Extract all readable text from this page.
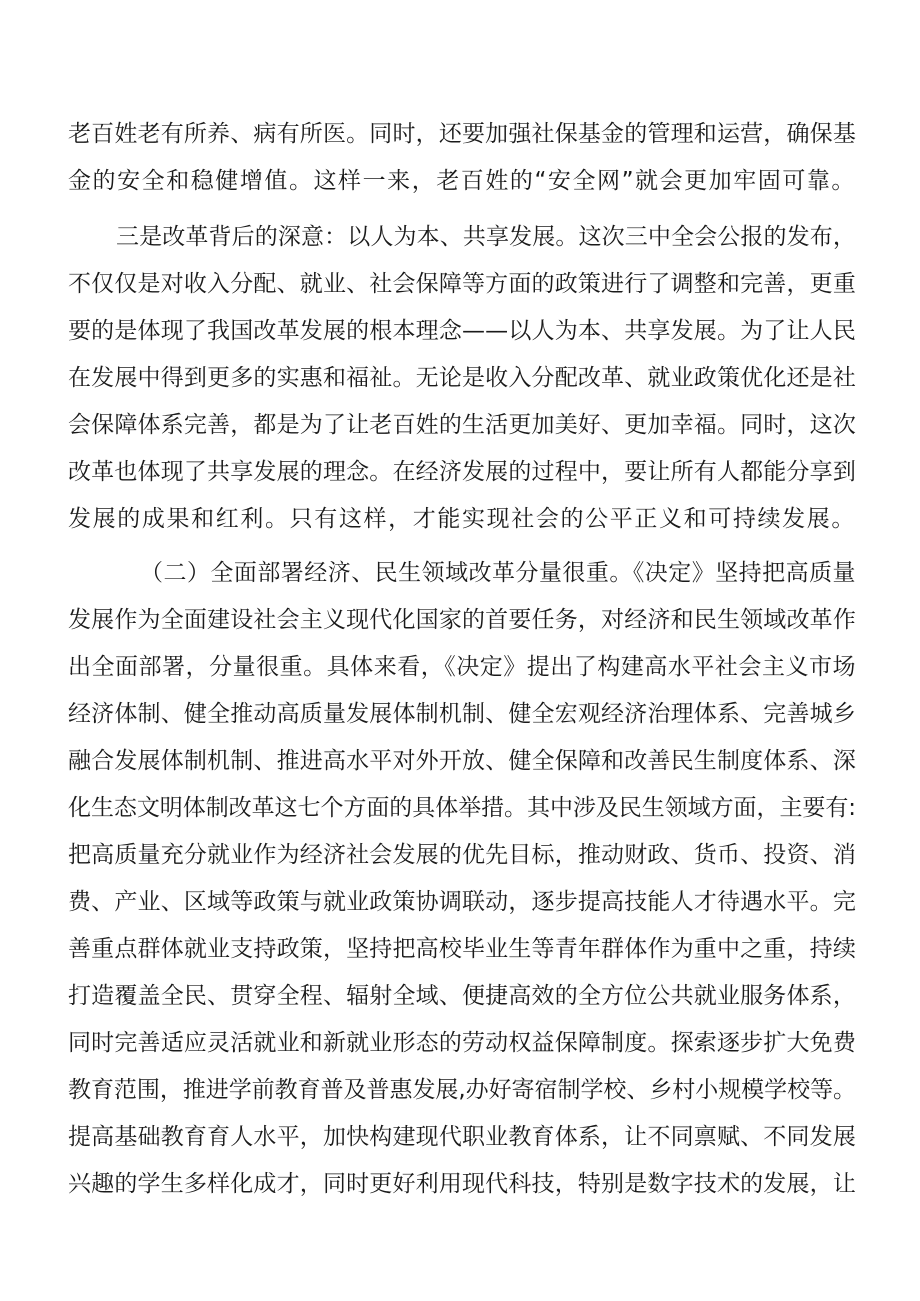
老百姓老有所养、病有所医。同时，还要加强社保基金的管理和运营，确保基
金的安全和稳健增值。这样一来，老百姓的“安全网”就会更加牢固可靠。
三是改革背后的深意：以人为本、共享发展。这次三中全会公报的发布，
不仅仅是对收入分配、就业、社会保障等方面的政策进行了调整和完善，更重
要的是体现了我国改革发展的根本理念——以人为本、共享发展。为了让人民
在发展中得到更多的实惠和福祉。无论是收入分配改革、就业政策优化还是社
会保障体系完善，都是为了让老百姓的生活更加美好、更加幸福。同时，这次
改革也体现了共享发展的理念。在经济发展的过程中，要让所有人都能分享到
发展的成果和红利。只有这样，才能实现社会的公平正义和可持续发展。
（二）全面部署经济、民生领域改革分量很重。《决定》坚持把高质量
发展作为全面建设社会主义现代化国家的首要任务，对经济和民生领域改革作
出全面部署，分量很重。具体来看，《决定》提出了构建高水平社会主义市场
经济体制、健全推动高质量发展体制机制、健全宏观经济治理体系、完善城乡
融合发展体制机制、推进高水平对外开放、健全保障和改善民生制度体系、深
化生态文明体制改革这七个方面的具体举措。其中涉及民生领域方面，主要有:
把高质量充分就业作为经济社会发展的优先目标，推动财政、货币、投资、消
费、产业、区域等政策与就业政策协调联动，逐步提高技能人才待遇水平。完
善重点群体就业支持政策，坚持把高校毕业生等青年群体作为重中之重，持续
打造覆盖全民、贯穿全程、辐射全域、便捷高效的全方位公共就业服务体系，
同时完善适应灵活就业和新就业形态的劳动权益保障制度。探索逐步扩大免费
教育范围，推进学前教育普及普惠发展,办好寄宿制学校、乡村小规模学校等。
提高基础教育育人水平，加快构建现代职业教育体系，让不同禀赋、不同发展
兴趣的学生多样化成才，同时更好利用现代科技，特别是数字技术的发展，让
